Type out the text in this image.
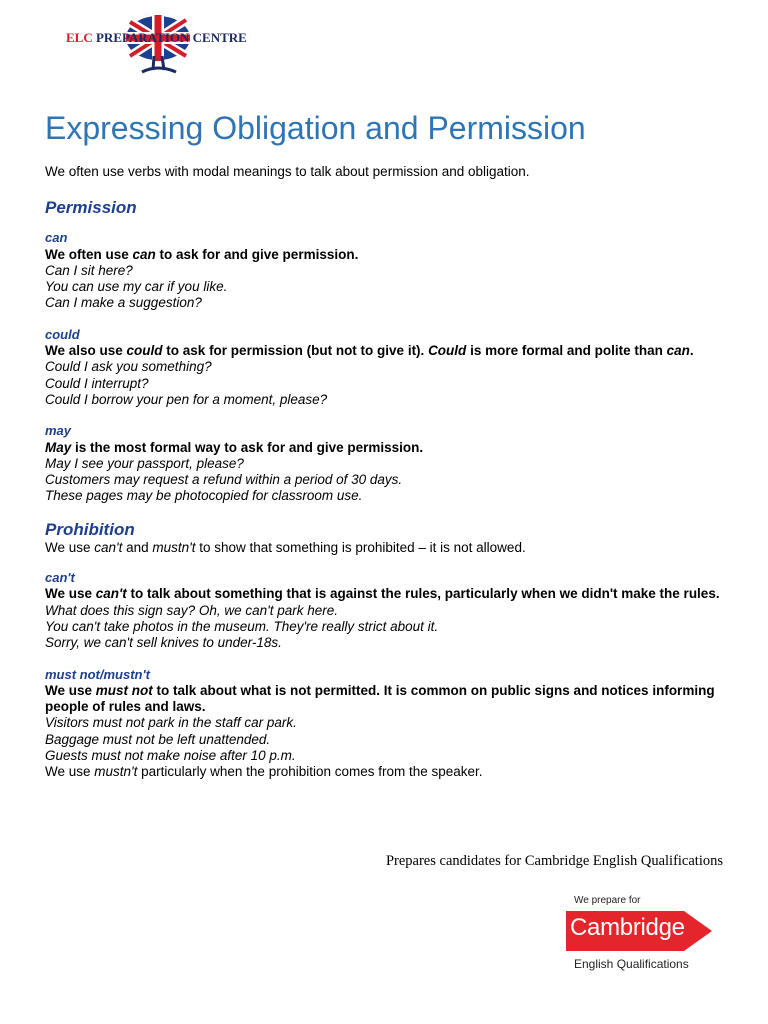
ELC PREPARATION CENTRE
Expressing Obligation and Permission

We often use verbs with modal meanings to talk about permission and obligation.

Permission

can

We often use can to ask for and give permission.

Can I sit here?

You can use my car if you like.

Can I make a suggestion?

could

We also use could to ask for permission (but not to give it). Could is more formal and polite than can.

Could I ask you something?

Could I interrupt?

Could I borrow your pen for a moment, please?

may

May is the most formal way to ask for and give permission.

May I see your passport, please?

Customers may request a refund within a period of 30 days.

These pages may be photocopied for classroom use.

Prohibition

We use can't and mustn't to show that something is prohibited – it is not allowed.

can't

We use can't to talk about something that is against the rules, particularly when we didn't make the rules.

What does this sign say? Oh, we can't park here.

You can't take photos in the museum. They're really strict about it.

Sorry, we can't sell knives to under-18s.

must not/mustn't

We use must not to talk about what is not permitted. It is common on public signs and notices informing people of rules and laws.

Visitors must not park in the staff car park.

Baggage must not be left unattended.

Guests must not make noise after 10 p.m.

We use mustn't particularly when the prohibition comes from the speaker.

Prepares candidates for Cambridge English Qualifications
We prepare for
Cambridge
English Qualifications
